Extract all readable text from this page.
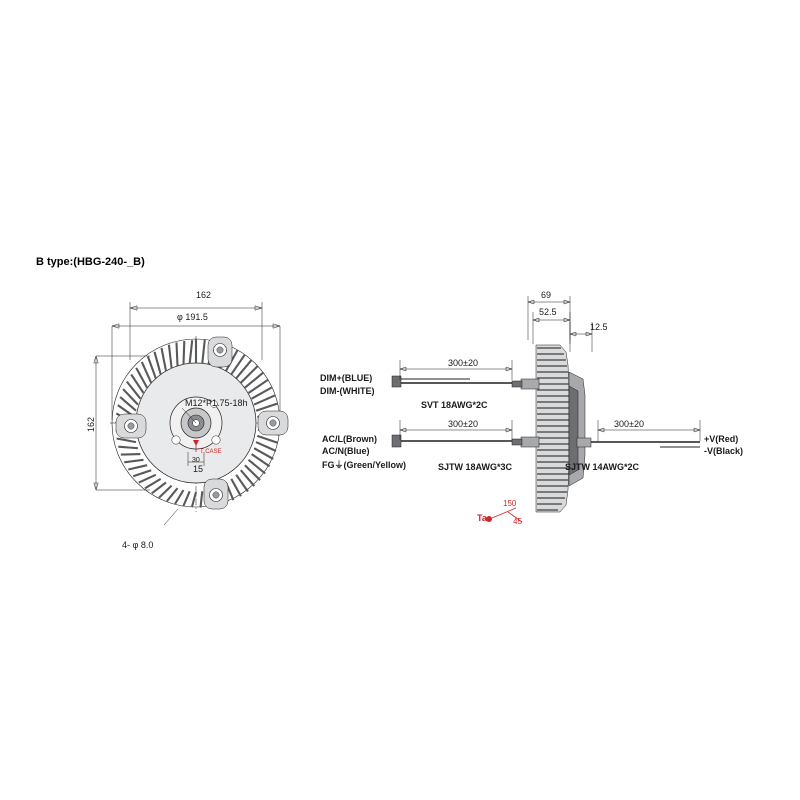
B type:(HBG-240-_B)
162
φ 191.5
162
M12*P1.75-18h
T CASE
30
15
4- φ 8.0
69
52.5
12.5
Ta
150
45
DIM+(BLUE)
DIM-(WHITE)
300±20
SVT 18AWG*2C
AC/L(Brown)
AC/N(Blue)
FG⏚(Green/Yellow)
300±20
SJTW 18AWG*3C	SJTW 14AWG*2C
300±20
+V(Red)
-V(Black)
